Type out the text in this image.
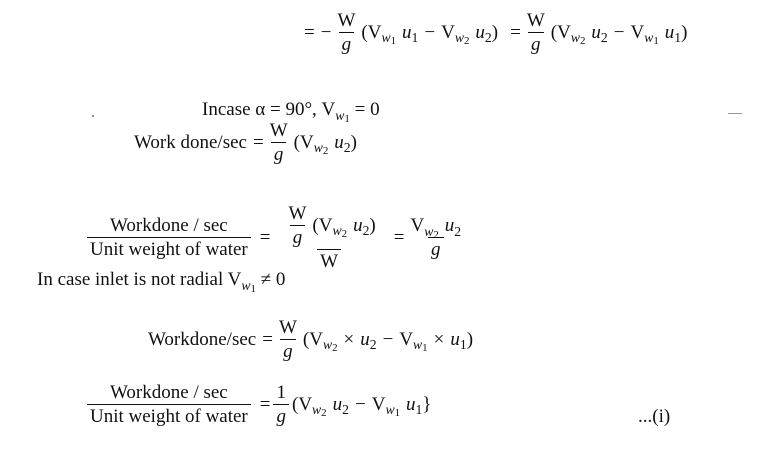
= − $\frac{W}{g}$ ( V w1 u 1 − V w2 u 2 ) = $\frac{W}{g}$ ( V w2 u 2 − V w1 u 1 )
Incase α = 90°, $V_{w1} = 0$
Work done/sec = $\frac{W}{g}$ ( V w2 u 2 )
$\frac{\text{Workdone / sec}}{\text{Unit weight of water}} = \frac{\frac{W}{g} ( V w2 u 2 )}{W} = \frac{V_{w2} u_2}{g}$
In case inlet is not radial $V_{w1} \ne 0$
Workdone/sec = $\frac{W}{g}$ ( V w2 × u 2 − V w1 × u 1 )
$\frac{\text{Workdone / sec}}{\text{Unit weight of water}} = \frac{1}{g}$ ( V w2 u 2 − V w1 u 1 }
...(i)
